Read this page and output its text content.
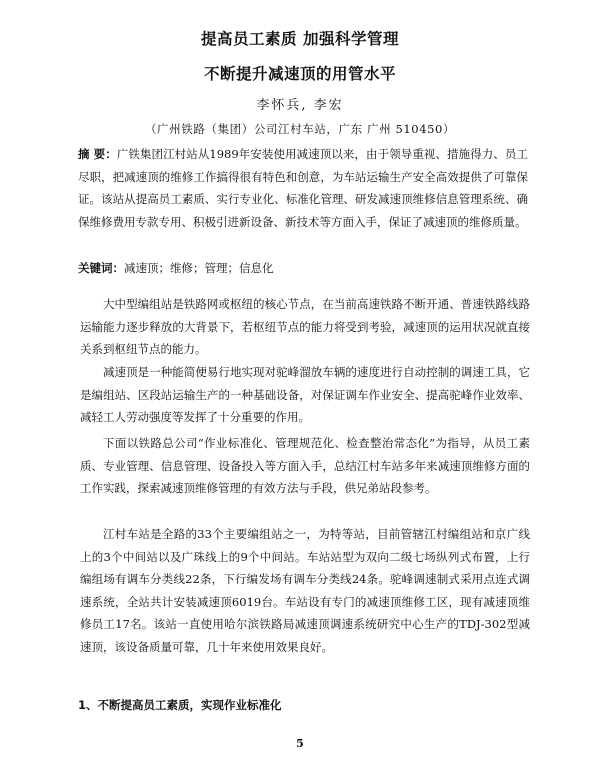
提高员工素质 加强科学管理
不断提升减速顶的用管水平
李怀兵, 李宏
（广州铁路（集团）公司江村车站，广东 广州 510450）
摘 要：广铁集团江村站从1989年安装使用减速顶以来，由于领导重视、措施得力、员工尽职，把减速顶的维修工作搞得很有特色和创意，为车站运输生产安全高效提供了可靠保证。该站从提高员工素质、实行专业化、标准化管理、研发减速顶维修信息管理系统、确保维修费用专款专用、积极引进新设备、新技术等方面入手，保证了减速顶的维修质量。
关键词：减速顶；维修；管理；信息化
大中型编组站是铁路网或枢纽的核心节点，在当前高速铁路不断开通、普速铁路线路运输能力逐步释放的大背景下，若枢纽节点的能力将受到考验，减速顶的运用状况就直接关系到枢纽节点的能力。
减速顶是一种能简便易行地实现对驼峰溜放车辆的速度进行自动控制的调速工具，它是编组站、区段站运输生产的一种基础设备，对保证调车作业安全、提高驼峰作业效率、减轻工人劳动强度等发挥了十分重要的作用。
下面以铁路总公司“作业标准化、管理规范化、检查整治常态化”为指导，从员工素质、专业管理、信息管理、设备投入等方面入手，总结江村车站多年来减速顶维修方面的工作实践，探索减速顶维修管理的有效方法与手段，供兄弟站段参考。
江村车站是全路的33个主要编组站之一，为特等站，目前管辖江村编组站和京广线上的3个中间站以及广珠线上的9个中间站。车站站型为双向二级七场纵列式布置，上行编组场有调车分类线22条，下行编发场有调车分类线24条。驼峰调速制式采用点连式调速系统，全站共计安装减速顶6019台。车站设有专门的减速顶维修工区，现有减速顶维修员工17名。该站一直使用哈尔滨铁路局减速顶调速系统研究中心生产的TDJ-302型减速顶，该设备质量可靠，几十年来使用效果良好。
1、不断提高员工素质，实现作业标准化
5
